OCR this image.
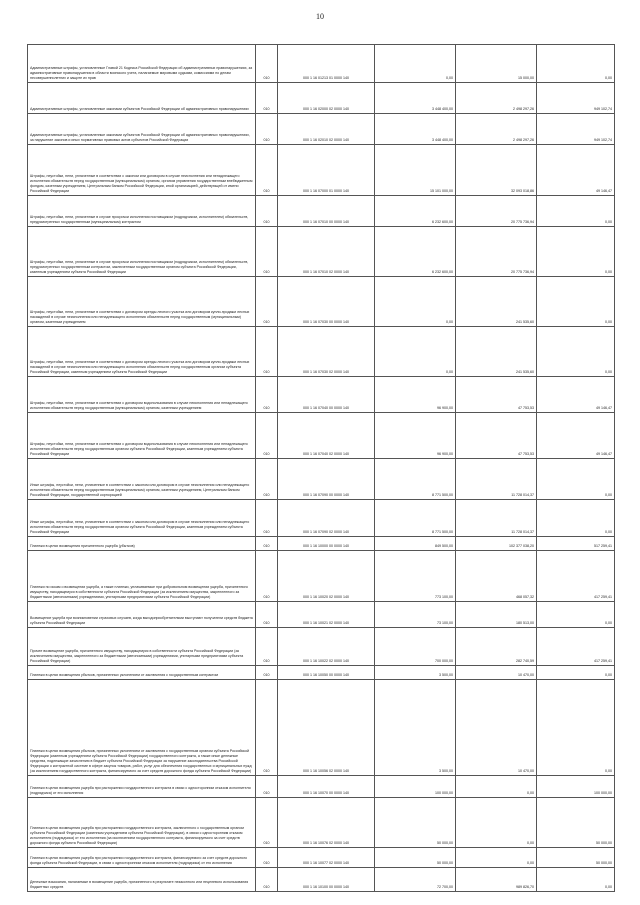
10
Административные штрафы, установленные Главой 21 Кодекса Российской Федерации об административных правонарушениях, за административные правонарушения в области воинского учета, налагаемые мировыми судьями, комиссиями по делам несовершеннолетних и защите их прав	010	000 1 16 01213 01 0000 140	0,00	15 000,00	0,00
Административные штрафы, установленные законами субъектов Российской Федерации об административных правонарушениях	010	000 1 16 02000 02 0000 140	3 448 400,00	2 498 297,26	949 102,74
Административные штрафы, установленные законами субъектов Российской Федерации об административных правонарушениях, за нарушение законов и иных нормативных правовых актов субъектов Российской Федерации	010	000 1 16 02010 02 0000 140	3 448 400,00	2 498 297,26	949 102,74
Штрафы, неустойки, пени, уплаченные в соответствии с законом или договором в случае неисполнения или ненадлежащего исполнения обязательств перед государственным (муниципальным) органом, органом управления государственным внебюджетным фондом, казенным учреждением, Центральным банком Российской Федерации, иной организацией, действующей от имени Российской Федерации	010	000 1 16 07000 01 0000 140	15 101 000,00	32 093 018,86	49 146,47
Штрафы, неустойки, пени, уплаченные в случае просрочки исполнения поставщиком (подрядчиком, исполнителем) обязательств, предусмотренных государственным (муниципальным) контрактом	010	000 1 16 07010 00 0000 140	6 232 600,00	20 775 736,94	0,00
Штрафы, неустойки, пени, уплаченные в случае просрочки исполнения поставщиком (подрядчиком, исполнителем) обязательств, предусмотренных государственным контрактом, заключенным государственным органом субъекта Российской Федерации, казенным учреждением субъекта Российской Федерации	010	000 1 16 07010 02 0000 140	6 232 600,00	20 775 736,94	0,00
Штрафы, неустойки, пени, уплаченные в соответствии с договором аренды лесного участка или договором купли-продажи лесных насаждений в случае неисполнения или ненадлежащего исполнения обязательств перед государственным (муниципальным) органом, казенным учреждением	010	000 1 16 07030 00 0000 140	0,00	241 535,60	0,00
Штрафы, неустойки, пени, уплаченные в соответствии с договором аренды лесного участка или договором купли-продажи лесных насаждений в случае неисполнения или ненадлежащего исполнения обязательств перед государственным органом субъекта Российской Федерации, казенным учреждением субъекта Российской Федерации	010	000 1 16 07030 02 0000 140	0,00	241 535,60	0,00
Штрафы, неустойки, пени, уплаченные в соответствии с договором водопользования в случае неисполнения или ненадлежащего исполнения обязательств перед государственным (муниципальным) органом, казенным учреждением	010	000 1 16 07040 00 0000 140	96 900,00	47 753,53	49 146,47
Штрафы, неустойки, пени, уплаченные в соответствии с договором водопользования в случае неисполнения или ненадлежащего исполнения обязательств перед государственным органом субъекта Российской Федерации, казенным учреждением субъекта Российской Федерации	010	000 1 16 07040 02 0000 140	96 900,00	47 753,53	49 146,47
Иные штрафы, неустойки, пени, уплаченные в соответствии с законом или договором в случае неисполнения или ненадлежащего исполнения обязательств перед государственным (муниципальным) органом, казенным учреждением, Центральным банком Российской Федерации, государственной корпорацией	010	000 1 16 07090 00 0000 140	8 771 500,00	11 728 014,37	0,00
Иные штрафы, неустойки, пени, уплаченные в соответствии с законом или договором в случае неисполнения или ненадлежащего исполнения обязательств перед государственным органом субъекта Российской Федерации, казенным учреждением субъекта Российской Федерации	010	000 1 16 07090 02 0000 140	8 771 500,00	11 728 014,37	0,00
Платежи в целях возмещения причиненного ущерба (убытков)	010	000 1 16 10000 00 0000 140	849 500,00	102 377 038,20	517 259,41
Платежи по искам о возмещении ущерба, а также платежи, уплачиваемые при добровольном возмещении ущерба, причиненного имуществу, находящемуся в собственности субъекта Российской Федерации (за исключением имущества, закрепленного за бюджетными (автономными) учреждениями, унитарными предприятиями субъекта Российской Федерации)	010	000 1 16 10020 02 0000 140	773 100,00	468 057,32	417 259,41
Возмещение ущерба при возникновении страховых случаев, когда выгодоприобретателями выступают получатели средств бюджета субъекта Российской Федерации	010	000 1 16 10021 02 0000 140	73 100,00	180 513,00	0,00
Прочее возмещение ущерба, причиненного имуществу, находящемуся в собственности субъекта Российской Федерации (за исключением имущества, закрепленного за бюджетными (автономными) учреждениями, унитарными предприятиями субъекта Российской Федерации)	010	000 1 16 10022 02 0000 140	700 000,00	282 740,59	417 259,41
Платежи в целях возмещения убытков, причиненных уклонением от заключения с государственным контрактом	010	000 1 16 10050 00 0000 140	3 500,00	10 470,00	0,00
Платежи в целях возмещения убытков, причиненных уклонением от заключения с государственным органом субъекта Российской Федерации (казенным учреждением субъекта Российской Федерации) государственного контракта, а также иные денежные средства, подлежащие зачислению в бюджет субъекта Российской Федерации за нарушение законодательства Российской Федерации о контрактной системе в сфере закупок товаров, работ, услуг для обеспечения государственных и муниципальных нужд (за исключением государственного контракта, финансируемого за счет средств дорожного фонда субъекта Российской Федерации)	010	000 1 16 10056 02 0000 140	3 500,00	10 470,00	0,00
Платежи в целях возмещения ущерба при расторжении государственного контракта в связи с односторонним отказом исполнителя (подрядчика) от его исполнения	010	000 1 16 10070 00 0000 140	100 000,00	0,00	100 000,00
Платежи в целях возмещения ущерба при расторжении государственного контракта, заключенного с государственным органом субъекта Российской Федерации (казенным учреждением субъекта Российской Федерации), в связи с односторонним отказом исполнителя (подрядчика) от его исполнения (за исключением государственного контракта, финансируемого за счет средств дорожного фонда субъекта Российской Федерации)	010	000 1 16 10076 02 0000 140	50 000,00	0,00	50 000,00
Платежи в целях возмещения ущерба при расторжении государственного контракта, финансируемого за счет средств дорожного фонда субъекта Российской Федерации, в связи с односторонним отказом исполнителя (подрядчика) от его исполнения	010	000 1 16 10077 02 0000 140	50 000,00	0,00	50 000,00
Денежные взыскания, налагаемые в возмещение ущерба, причиненного в результате незаконного или нецелевого использования бюджетных средств	010	000 1 16 10100 00 0000 140	72 700,00	989 826,70	0,00
